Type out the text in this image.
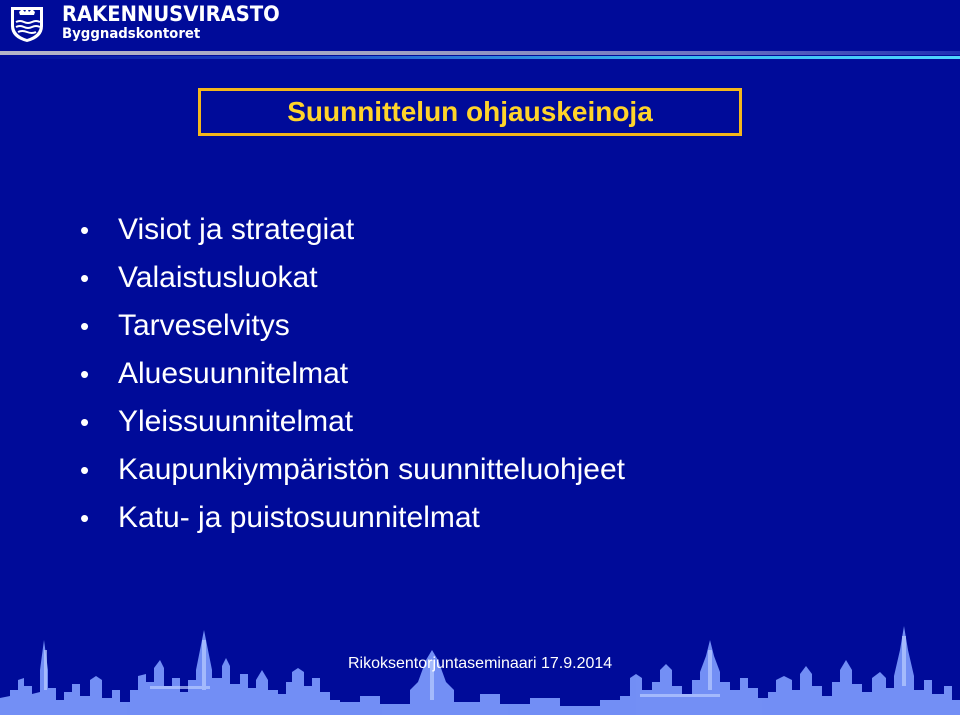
RAKENNUSVIRASTO
Byggnadskontoret
Suunnittelun ohjauskeinoja
• Visiot ja strategiat
• Valaistusluokat
• Tarveselvitys
• Aluesuunnitelmat
• Yleissuunnitelmat
• Kaupunkiympäristön suunnitteluohjeet
• Katu- ja puistosuunnitelmat
Rikoksentorjuntaseminaari 17.9.2014
